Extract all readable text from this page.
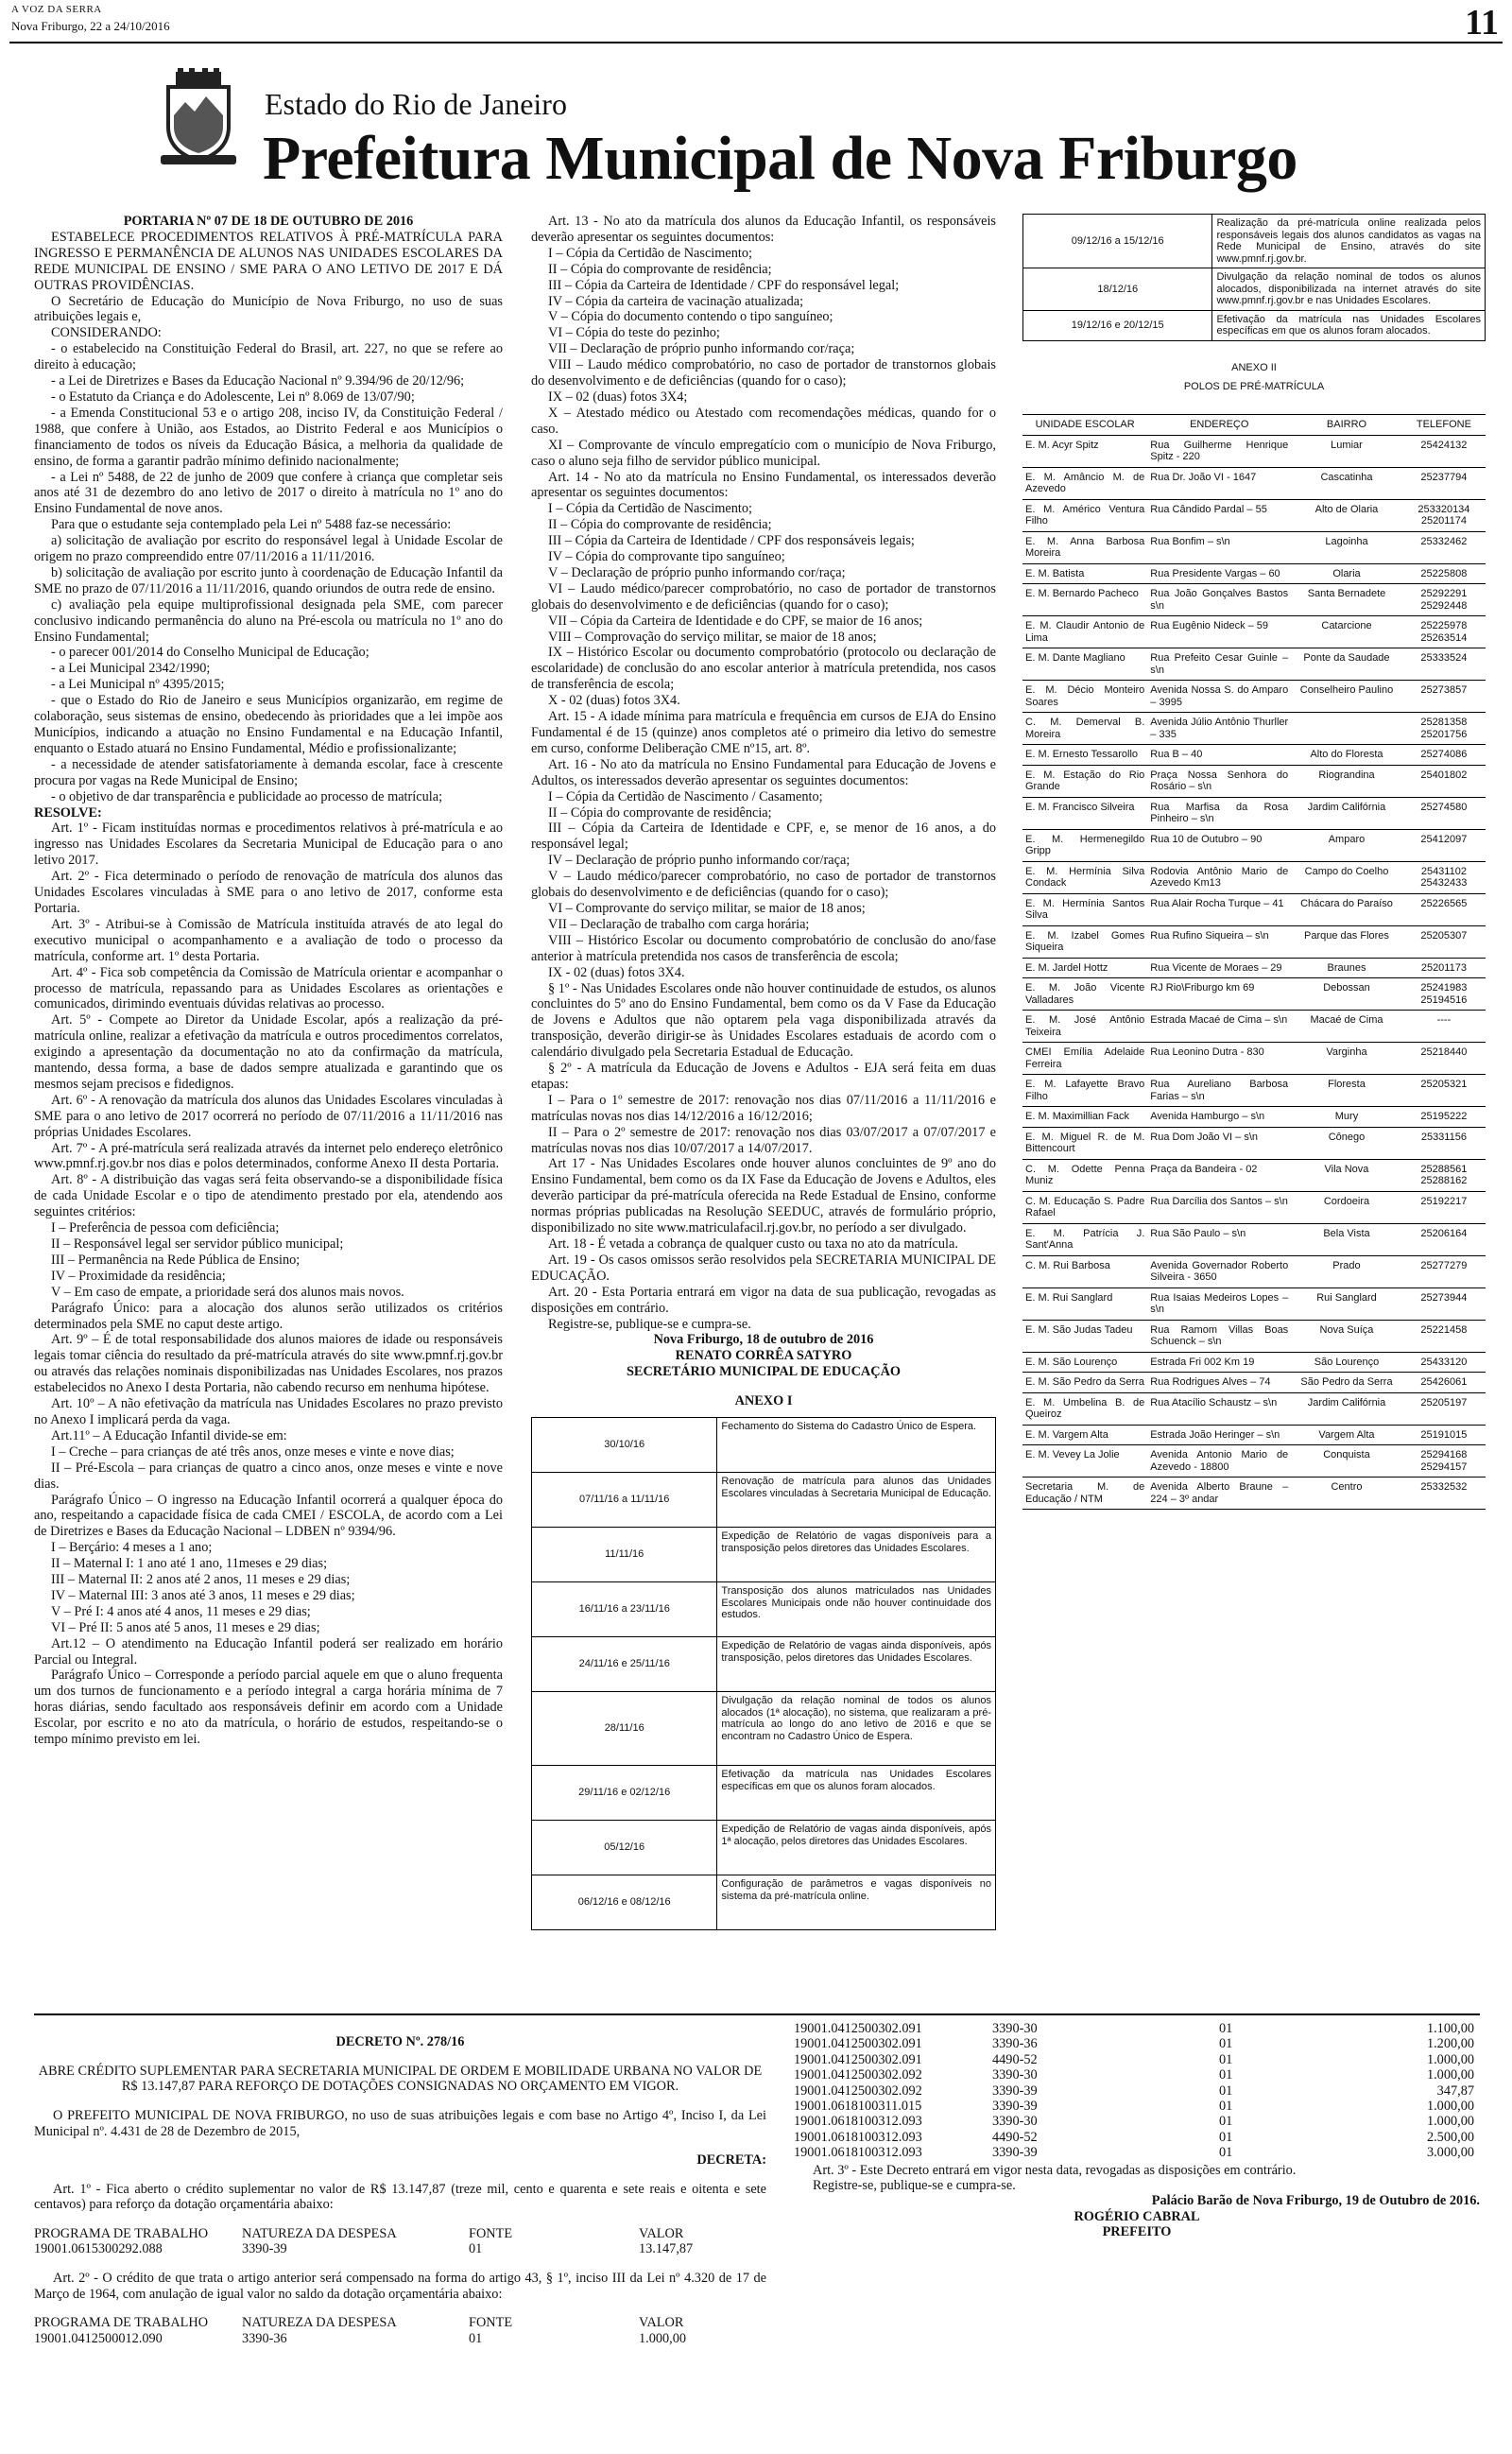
A VOZ DA SERRA
Nova Friburgo, 22 a 24/10/2016	11
Estado do Rio de Janeiro
Prefeitura Municipal de Nova Friburgo

PORTARIA Nº 07 DE 18 DE OUTUBRO DE 2016

ESTABELECE PROCEDIMENTOS RELATIVOS À PRÉ-MATRÍCULA PARA INGRESSO E PERMANÊNCIA DE ALUNOS NAS UNIDADES ESCOLARES DA REDE MUNICIPAL DE ENSINO / SME PARA O ANO LETIVO DE 2017 E DÁ OUTRAS PROVIDÊNCIAS.

O Secretário de Educação do Município de Nova Friburgo, no uso de suas atribuições legais e,

CONSIDERANDO:

- o estabelecido na Constituição Federal do Brasil, art. 227, no que se refere ao direito à educação;

- a Lei de Diretrizes e Bases da Educação Nacional nº 9.394/96 de 20/12/96;

- o Estatuto da Criança e do Adolescente, Lei nº 8.069 de 13/07/90;

- a Emenda Constitucional 53 e o artigo 208, inciso IV, da Constituição Federal / 1988, que confere à União, aos Estados, ao Distrito Federal e aos Municípios o financiamento de todos os níveis da Educação Básica, a melhoria da qualidade de ensino, de forma a garantir padrão mínimo definido nacionalmente;

- a Lei nº 5488, de 22 de junho de 2009 que confere à criança que completar seis anos até 31 de dezembro do ano letivo de 2017 o direito à matrícula no 1º ano do Ensino Fundamental de nove anos.

Para que o estudante seja contemplado pela Lei nº 5488 faz-se necessário:

a) solicitação de avaliação por escrito do responsável legal à Unidade Escolar de origem no prazo compreendido entre 07/11/2016 a 11/11/2016.

b) solicitação de avaliação por escrito junto à coordenação de Educação Infantil da SME no prazo de 07/11/2016 a 11/11/2016, quando oriundos de outra rede de ensino.

c) avaliação pela equipe multiprofissional designada pela SME, com parecer conclusivo indicando permanência do aluno na Pré-escola ou matrícula no 1º ano do Ensino Fundamental;

- o parecer 001/2014 do Conselho Municipal de Educação;

- a Lei Municipal 2342/1990;

- a Lei Municipal nº 4395/2015;

- que o Estado do Rio de Janeiro e seus Municípios organizarão, em regime de colaboração, seus sistemas de ensino, obedecendo às prioridades que a lei impõe aos Municípios, indicando a atuação no Ensino Fundamental e na Educação Infantil, enquanto o Estado atuará no Ensino Fundamental, Médio e profissionalizante;

- a necessidade de atender satisfatoriamente à demanda escolar, face à crescente procura por vagas na Rede Municipal de Ensino;

- o objetivo de dar transparência e publicidade ao processo de matrícula;

RESOLVE:

Art. 1º - Ficam instituídas normas e procedimentos relativos à pré-matrícula e ao ingresso nas Unidades Escolares da Secretaria Municipal de Educação para o ano letivo 2017.

Art. 2º - Fica determinado o período de renovação de matrícula dos alunos das Unidades Escolares vinculadas à SME para o ano letivo de 2017, conforme esta Portaria.

Art. 3º - Atribui-se à Comissão de Matrícula instituída através de ato legal do executivo municipal o acompanhamento e a avaliação de todo o processo da matrícula, conforme art. 1º desta Portaria.

Art. 4º - Fica sob competência da Comissão de Matrícula orientar e acompanhar o processo de matrícula, repassando para as Unidades Escolares as orientações e comunicados, dirimindo eventuais dúvidas relativas ao processo.

Art. 5º - Compete ao Diretor da Unidade Escolar, após a realização da pré-matrícula online, realizar a efetivação da matrícula e outros procedimentos correlatos, exigindo a apresentação da documentação no ato da confirmação da matrícula, mantendo, dessa forma, a base de dados sempre atualizada e garantindo que os mesmos sejam precisos e fidedignos.

Art. 6º - A renovação da matrícula dos alunos das Unidades Escolares vinculadas à SME para o ano letivo de 2017 ocorrerá no período de 07/11/2016 a 11/11/2016 nas próprias Unidades Escolares.

Art. 7º - A pré-matrícula será realizada através da internet pelo endereço eletrônico www.pmnf.rj.gov.br nos dias e polos determinados, conforme Anexo II desta Portaria.

Art. 8º - A distribuição das vagas será feita observando-se a disponibilidade física de cada Unidade Escolar e o tipo de atendimento prestado por ela, atendendo aos seguintes critérios:

I – Preferência de pessoa com deficiência;

II – Responsável legal ser servidor público municipal;

III – Permanência na Rede Pública de Ensino;

IV – Proximidade da residência;

V – Em caso de empate, a prioridade será dos alunos mais novos.

Parágrafo Único: para a alocação dos alunos serão utilizados os critérios determinados pela SME no caput deste artigo.

Art. 9º – É de total responsabilidade dos alunos maiores de idade ou responsáveis legais tomar ciência do resultado da pré-matrícula através do site www.pmnf.rj.gov.br ou através das relações nominais disponibilizadas nas Unidades Escolares, nos prazos estabelecidos no Anexo I desta Portaria, não cabendo recurso em nenhuma hipótese.

Art. 10º – A não efetivação da matrícula nas Unidades Escolares no prazo previsto no Anexo I implicará perda da vaga.

Art.11º – A Educação Infantil divide-se em:

I – Creche – para crianças de até três anos, onze meses e vinte e nove dias;

II – Pré-Escola – para crianças de quatro a cinco anos, onze meses e vinte e nove dias.

Parágrafo Único – O ingresso na Educação Infantil ocorrerá a qualquer época do ano, respeitando a capacidade física de cada CMEI / ESCOLA, de acordo com a Lei de Diretrizes e Bases da Educação Nacional – LDBEN nº 9394/96.

I – Berçário: 4 meses a 1 ano;

II – Maternal I: 1 ano até 1 ano, 11meses e 29 dias;

III – Maternal II: 2 anos até 2 anos, 11 meses e 29 dias;

IV – Maternal III: 3 anos até 3 anos, 11 meses e 29 dias;

V – Pré I: 4 anos até 4 anos, 11 meses e 29 dias;

VI – Pré II: 5 anos até 5 anos, 11 meses e 29 dias;

Art.12 – O atendimento na Educação Infantil poderá ser realizado em horário Parcial ou Integral.

Parágrafo Único – Corresponde a período parcial aquele em que o aluno frequenta um dos turnos de funcionamento e a período integral a carga horária mínima de 7 horas diárias, sendo facultado aos responsáveis definir em acordo com a Unidade Escolar, por escrito e no ato da matrícula, o horário de estudos, respeitando-se o tempo mínimo previsto em lei.

Art. 13 - No ato da matrícula dos alunos da Educação Infantil, os responsáveis deverão apresentar os seguintes documentos:

I – Cópia da Certidão de Nascimento;

II – Cópia do comprovante de residência;

III – Cópia da Carteira de Identidade / CPF do responsável legal;

IV – Cópia da carteira de vacinação atualizada;

V – Cópia do documento contendo o tipo sanguíneo;

VI – Cópia do teste do pezinho;

VII – Declaração de próprio punho informando cor/raça;

VIII – Laudo médico comprobatório, no caso de portador de transtornos globais do desenvolvimento e de deficiências (quando for o caso);

IX – 02 (duas) fotos 3X4;

X – Atestado médico ou Atestado com recomendações médicas, quando for o caso.

XI – Comprovante de vínculo empregatício com o município de Nova Friburgo, caso o aluno seja filho de servidor público municipal.

Art. 14 - No ato da matrícula no Ensino Fundamental, os interessados deverão apresentar os seguintes documentos:

I – Cópia da Certidão de Nascimento;

II – Cópia do comprovante de residência;

III – Cópia da Carteira de Identidade / CPF dos responsáveis legais;

IV – Cópia do comprovante tipo sanguíneo;

V – Declaração de próprio punho informando cor/raça;

VI – Laudo médico/parecer comprobatório, no caso de portador de transtornos globais do desenvolvimento e de deficiências (quando for o caso);

VII – Cópia da Carteira de Identidade e do CPF, se maior de 16 anos;

VIII – Comprovação do serviço militar, se maior de 18 anos;

IX – Histórico Escolar ou documento comprobatório (protocolo ou declaração de escolaridade) de conclusão do ano escolar anterior à matrícula pretendida, nos casos de transferência de escola;

X - 02 (duas) fotos 3X4.

Art. 15 - A idade mínima para matrícula e frequência em cursos de EJA do Ensino Fundamental é de 15 (quinze) anos completos até o primeiro dia letivo do semestre em curso, conforme Deliberação CME nº15, art. 8º.

Art. 16 - No ato da matrícula no Ensino Fundamental para Educação de Jovens e Adultos, os interessados deverão apresentar os seguintes documentos:

I – Cópia da Certidão de Nascimento / Casamento;

II – Cópia do comprovante de residência;

III – Cópia da Carteira de Identidade e CPF, e, se menor de 16 anos, a do responsável legal;

IV – Declaração de próprio punho informando cor/raça;

V – Laudo médico/parecer comprobatório, no caso de portador de transtornos globais do desenvolvimento e de deficiências (quando for o caso);

VI – Comprovante do serviço militar, se maior de 18 anos;

VII – Declaração de trabalho com carga horária;

VIII – Histórico Escolar ou documento comprobatório de conclusão do ano/fase anterior à matrícula pretendida nos casos de transferência de escola;

IX - 02 (duas) fotos 3X4.

§ 1º - Nas Unidades Escolares onde não houver continuidade de estudos, os alunos concluintes do 5º ano do Ensino Fundamental, bem como os da V Fase da Educação de Jovens e Adultos que não optarem pela vaga disponibilizada através da transposição, deverão dirigir-se às Unidades Escolares estaduais de acordo com o calendário divulgado pela Secretaria Estadual de Educação.

§ 2º - A matrícula da Educação de Jovens e Adultos - EJA será feita em duas etapas:

I – Para o 1º semestre de 2017: renovação nos dias 07/11/2016 a 11/11/2016 e matrículas novas nos dias 14/12/2016 a 16/12/2016;

II – Para o 2º semestre de 2017: renovação nos dias 03/07/2017 a 07/07/2017 e matrículas novas nos dias 10/07/2017 a 14/07/2017.

Art 17 - Nas Unidades Escolares onde houver alunos concluintes de 9º ano do Ensino Fundamental, bem como os da IX Fase da Educação de Jovens e Adultos, eles deverão participar da pré-matrícula oferecida na Rede Estadual de Ensino, conforme normas próprias publicadas na Resolução SEEDUC, através de formulário próprio, disponibilizado no site www.matriculafacil.rj.gov.br, no período a ser divulgado.

Art. 18 - É vetada a cobrança de qualquer custo ou taxa no ato da matrícula.

Art. 19 - Os casos omissos serão resolvidos pela SECRETARIA MUNICIPAL DE EDUCAÇÃO.

Art. 20 - Esta Portaria entrará em vigor na data de sua publicação, revogadas as disposições em contrário.

Registre-se, publique-se e cumpra-se.

Nova Friburgo, 18 de outubro de 2016

RENATO CORRÊA SATYRO

SECRETÁRIO MUNICIPAL DE EDUCAÇÃO

ANEXO I

30/10/16	Fechamento do Sistema do Cadastro Único de Espera.
07/11/16 a 11/11/16	Renovação de matrícula para alunos das Unidades Escolares vinculadas à Secretaria Municipal de Educação.
11/11/16	Expedição de Relatório de vagas disponíveis para a transposição pelos diretores das Unidades Escolares.
16/11/16 a 23/11/16	Transposição dos alunos matriculados nas Unidades Escolares Municipais onde não houver continuidade dos estudos.
24/11/16 e 25/11/16	Expedição de Relatório de vagas ainda disponíveis, após transposição, pelos diretores das Unidades Escolares.
28/11/16	Divulgação da relação nominal de todos os alunos alocados (1ª alocação), no sistema, que realizaram a pré-matrícula ao longo do ano letivo de 2016 e que se encontram no Cadastro Único de Espera.
29/11/16 e 02/12/16	Efetivação da matrícula nas Unidades Escolares específicas em que os alunos foram alocados.
05/12/16	Expedição de Relatório de vagas ainda disponíveis, após 1ª alocação, pelos diretores das Unidades Escolares.
06/12/16 e 08/12/16	Configuração de parâmetros e vagas disponíveis no sistema da pré-matrícula online.
09/12/16 a 15/12/16	Realização da pré-matrícula online realizada pelos responsáveis legais dos alunos candidatos as vagas na Rede Municipal de Ensino, através do site www.pmnf.rj.gov.br.
18/12/16	Divulgação da relação nominal de todos os alunos alocados, disponibilizada na internet através do site www.pmnf.rj.gov.br e nas Unidades Escolares.
19/12/16 e 20/12/15	Efetivação da matrícula nas Unidades Escolares específicas em que os alunos foram alocados.
ANEXO II
POLOS DE PRÉ-MATRÍCULA
UNIDADE ESCOLAR	ENDEREÇO	BAIRRO	TELEFONE
E. M. Acyr Spitz	Rua Guilherme Henrique Spitz - 220	Lumiar	25424132
E. M. Amâncio M. de Azevedo	Rua Dr. João VI - 1647	Cascatinha	25237794
E. M. Américo Ventura Filho	Rua Cândido Pardal – 55	Alto de Olaria	253320134 25201174
E. M. Anna Barbosa Moreira	Rua Bonfim – s\n	Lagoinha	25332462
E. M. Batista	Rua Presidente Vargas – 60	Olaria	25225808
E. M. Bernardo Pacheco	Rua João Gonçalves Bastos s\n	Santa Bernadete	25292291 25292448
E. M. Claudir Antonio de Lima	Rua Eugênio Nideck – 59	Catarcione	25225978 25263514
E. M. Dante Magliano	Rua Prefeito Cesar Guinle – s\n	Ponte da Saudade	25333524
E. M. Décio Monteiro Soares	Avenida Nossa S. do Amparo – 3995	Conselheiro Paulino	25273857
C. M. Demerval B. Moreira	Avenida Júlio Antônio Thurller – 335		25281358 25201756
E. M. Ernesto Tessarollo	Rua B – 40	Alto do Floresta	25274086
E. M. Estação do Rio Grande	Praça Nossa Senhora do Rosário – s\n	Riograndina	25401802
E. M. Francisco Silveira	Rua Marfisa da Rosa Pinheiro – s\n	Jardim Califórnia	25274580
E. M. Hermenegildo Gripp	Rua 10 de Outubro – 90	Amparo	25412097
E. M. Hermínia Silva Condack	Rodovia Antônio Mario de Azevedo Km13	Campo do Coelho	25431102 25432433
E. M. Hermínia Santos Silva	Rua Alair Rocha Turque – 41	Chácara do Paraíso	25226565
E. M. Izabel Gomes Siqueira	Rua Rufino Siqueira – s\n	Parque das Flores	25205307
E. M. Jardel Hottz	Rua Vicente de Moraes – 29	Braunes	25201173
E. M. João Vicente Valladares	RJ Rio\Friburgo km 69	Debossan	25241983 25194516
E. M. José Antônio Teixeira	Estrada Macaé de Cima – s\n	Macaé de Cima	----
CMEI Emília Adelaide Ferreira	Rua Leonino Dutra - 830	Varginha	25218440
E. M. Lafayette Bravo Filho	Rua Aureliano Barbosa Farias – s\n	Floresta	25205321
E. M. Maximillian Fack	Avenida Hamburgo – s\n	Mury	25195222
E. M. Miguel R. de M. Bittencourt	Rua Dom João VI – s\n	Cônego	25331156
C. M. Odette Penna Muniz	Praça da Bandeira - 02	Vila Nova	25288561 25288162
C. M. Educação S. Padre Rafael	Rua Darcília dos Santos – s\n	Cordoeira	25192217
E. M. Patrícia J. Sant'Anna	Rua São Paulo – s\n	Bela Vista	25206164
C. M. Rui Barbosa	Avenida Governador Roberto Silveira - 3650	Prado	25277279
E. M. Rui Sanglard	Rua Isaias Medeiros Lopes – s\n	Rui Sanglard	25273944
E. M. São Judas Tadeu	Rua Ramom Villas Boas Schuenck – s\n	Nova Suíça	25221458
E. M. São Lourenço	Estrada Fri 002 Km 19	São Lourenço	25433120
E. M. São Pedro da Serra	Rua Rodrigues Alves – 74	São Pedro da Serra	25426061
E. M. Umbelina B. de Queiroz	Rua Atacílio Schaustz – s\n	Jardim Califórnia	25205197
E. M. Vargem Alta	Estrada João Heringer – s\n	Vargem Alta	25191015
E. M. Vevey La Jolie	Avenida Antonio Mario de Azevedo - 18800	Conquista	25294168 25294157
Secretaria M. de Educação / NTM	Avenida Alberto Braune – 224 – 3º andar	Centro	25332532

DECRETO Nº. 278/16

ABRE CRÉDITO SUPLEMENTAR PARA SECRETARIA MUNICIPAL DE ORDEM E MOBILIDADE URBANA NO VALOR DE R$ 13.147,87 PARA REFORÇO DE DOTAÇÕES CONSIGNADAS NO ORÇAMENTO EM VIGOR.

O PREFEITO MUNICIPAL DE NOVA FRIBURGO, no uso de suas atribuições legais e com base no Artigo 4º, Inciso I, da Lei Municipal nº. 4.431 de 28 de Dezembro de 2015,

DECRETA:

Art. 1º - Fica aberto o crédito suplementar no valor de R$ 13.147,87 (treze mil, cento e quarenta e sete reais e oitenta e sete centavos) para reforço da dotação orçamentária abaixo:

PROGRAMA DE TRABALHO	NATUREZA DA DESPESA	FONTE	VALOR
19001.0615300292.088	3390-39	01	13.147,87

Art. 2º - O crédito de que trata o artigo anterior será compensado na forma do artigo 43, § 1º, inciso III da Lei nº 4.320 de 17 de Março de 1964, com anulação de igual valor no saldo da dotação orçamentária abaixo:

PROGRAMA DE TRABALHO	NATUREZA DA DESPESA	FONTE	VALOR
19001.0412500012.090	3390-36	01	1.000,00
19001.0412500302.091	3390-30	01	1.100,00
19001.0412500302.091	3390-36	01	1.200,00
19001.0412500302.091	4490-52	01	1.000,00
19001.0412500302.092	3390-30	01	1.000,00
19001.0412500302.092	3390-39	01	347,87
19001.0618100311.015	3390-39	01	1.000,00
19001.0618100312.093	3390-30	01	1.000,00
19001.0618100312.093	4490-52	01	2.500,00
19001.0618100312.093	3390-39	01	3.000,00

Art. 3º - Este Decreto entrará em vigor nesta data, revogadas as disposições em contrário.

Registre-se, publique-se e cumpra-se.

Palácio Barão de Nova Friburgo, 19 de Outubro de 2016.

ROGÉRIO CABRAL

PREFEITO
